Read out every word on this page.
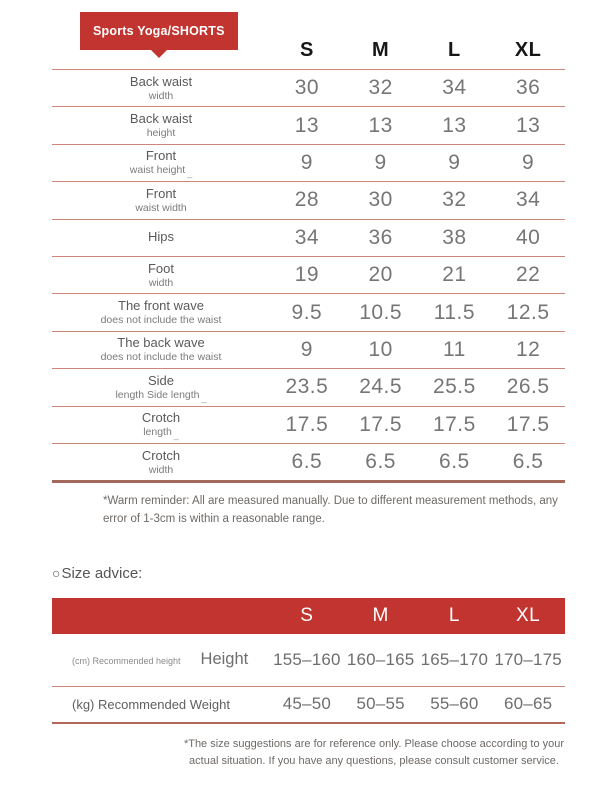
Sports Yoga/SHORTS
S	M	L	XL
Back waist
width	30	32	34	36
Back waist
height	13	13	13	13
Front
waist height _	9	9	9	9
Front
waist width	28	30	32	34
Hips	34	36	38	40
Foot
width	19	20	21	22
The front wave
does not include the waist	9.5	10.5	11.5	12.5
The back wave
does not include the waist	9	10	11	12
Side
length Side length _	23.5	24.5	25.5	26.5
Crotch
length _	17.5	17.5	17.5	17.5
Crotch
width	6.5	6.5	6.5	6.5

*Warm reminder: All are measured manually. Due to different measurement methods, any error of 1-3cm is within a reasonable range.

○ Size advice:
S	M	L	XL
(cm) Recommended height Height 155–160 160–165 165–170 170–175
(kg) Recommended Weight	45–50	50–55	55–60	60–65

*The size suggestions are for reference only. Please choose according to your actual situation. If you have any questions, please consult customer service.
